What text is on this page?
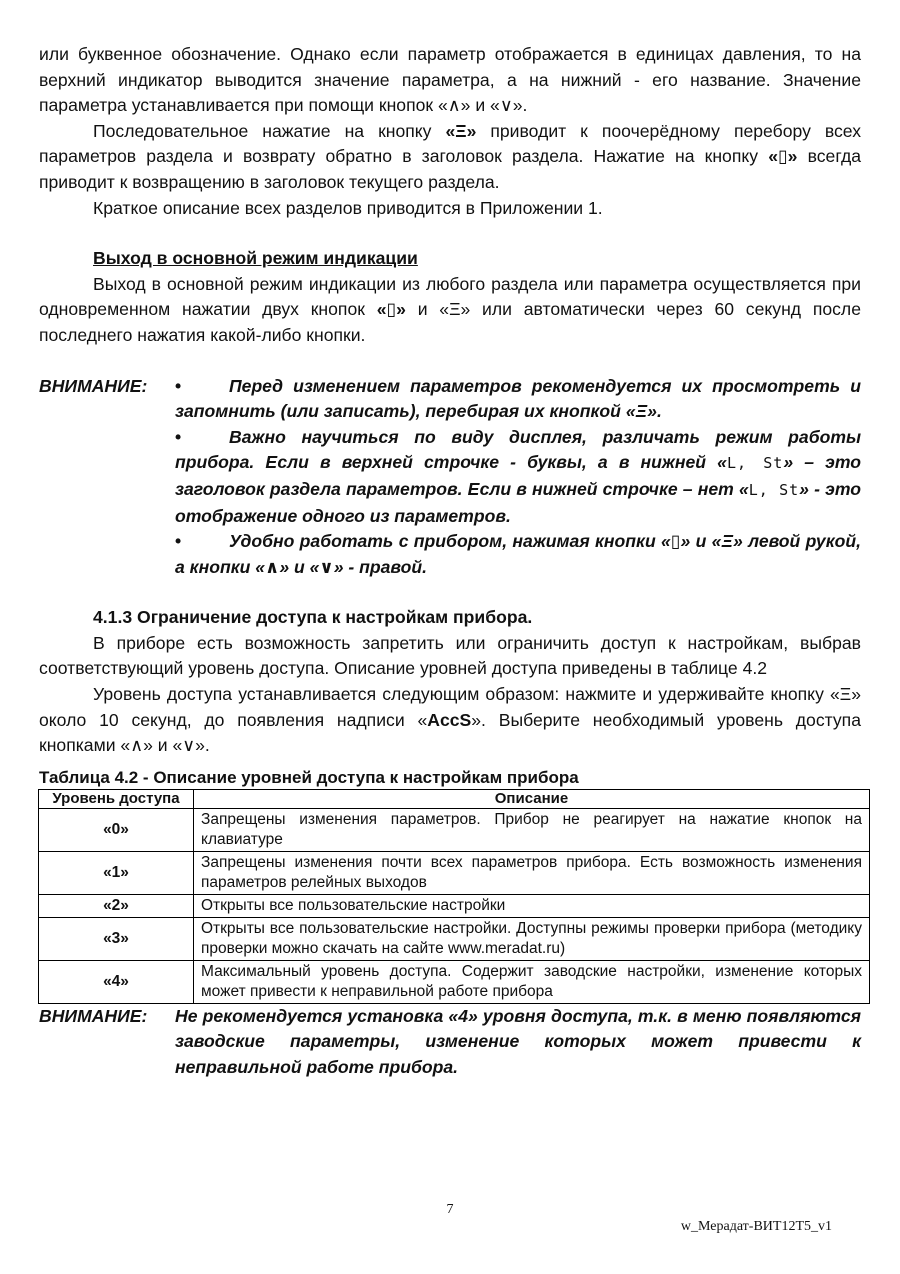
или буквенное обозначение. Однако если параметр отображается в единицах давления, то на верхний индикатор выводится значение параметра, а на нижний - его название. Значение параметра устанавливается при помощи кнопок «∧» и «∨».

Последовательное нажатие на кнопку «Ξ» приводит к поочерёдному перебору всех параметров раздела и возврату обратно в заголовок раздела. Нажатие на кнопку «▯» всегда приводит к возвращению в заголовок текущего раздела.

Краткое описание всех разделов приводится в Приложении 1.

Выход в основной режим индикации

Выход в основной режим индикации из любого раздела или параметра осуществляется при одновременном нажатии двух кнопок «▯» и «Ξ» или автоматически через 60 секунд после последнего нажатия какой-либо кнопки.

ВНИМАНИЕ:	•	Перед изменением параметров рекомендуется их просмотреть и запомнить (или записать), перебирая их кнопкой «Ξ».
•	Важно научиться по виду дисплея, различать режим работы прибора. Если в верхней строчке - буквы, а в нижней «L, St» – это заголовок раздела параметров. Если в нижней строчке – нет «L, St» - это отображение одного из параметров.
•	Удобно работать с прибором, нажимая кнопки «▯» и «Ξ» левой рукой, а кнопки «∧» и «∨» - правой.

4.1.3 Ограничение доступа к настройкам прибора.

В приборе есть возможность запретить или ограничить доступ к настройкам, выбрав соответствующий уровень доступа. Описание уровней доступа приведены в таблице 4.2

Уровень доступа устанавливается следующим образом: нажмите и удерживайте кнопку «Ξ» около 10 секунд, до появления надписи «AccS». Выберите необходимый уровень доступа кнопками «∧» и «∨».

Таблица 4.2 - Описание уровней доступа к настройкам прибора
Уровень доступа	Описание
«0»	Запрещены изменения параметров. Прибор не реагирует на нажатие кнопок на клавиатуре
«1»	Запрещены изменения почти всех параметров прибора. Есть возможность изменения параметров релейных выходов
«2»	Открыты все пользовательские настройки
«3»	Открыты все пользовательские настройки. Доступны режимы проверки прибора (методику проверки можно скачать на сайте www.meradat.ru)
«4»	Максимальный уровень доступа. Содержит заводские настройки, изменение которых может привести к неправильной работе прибора
ВНИМАНИЕ:	Не рекомендуется установка «4» уровня доступа, т.к. в меню появляются заводские параметры, изменение которых может привести к неправильной работе прибора.
7
w_Мерадат-ВИТ12Т5_v1
